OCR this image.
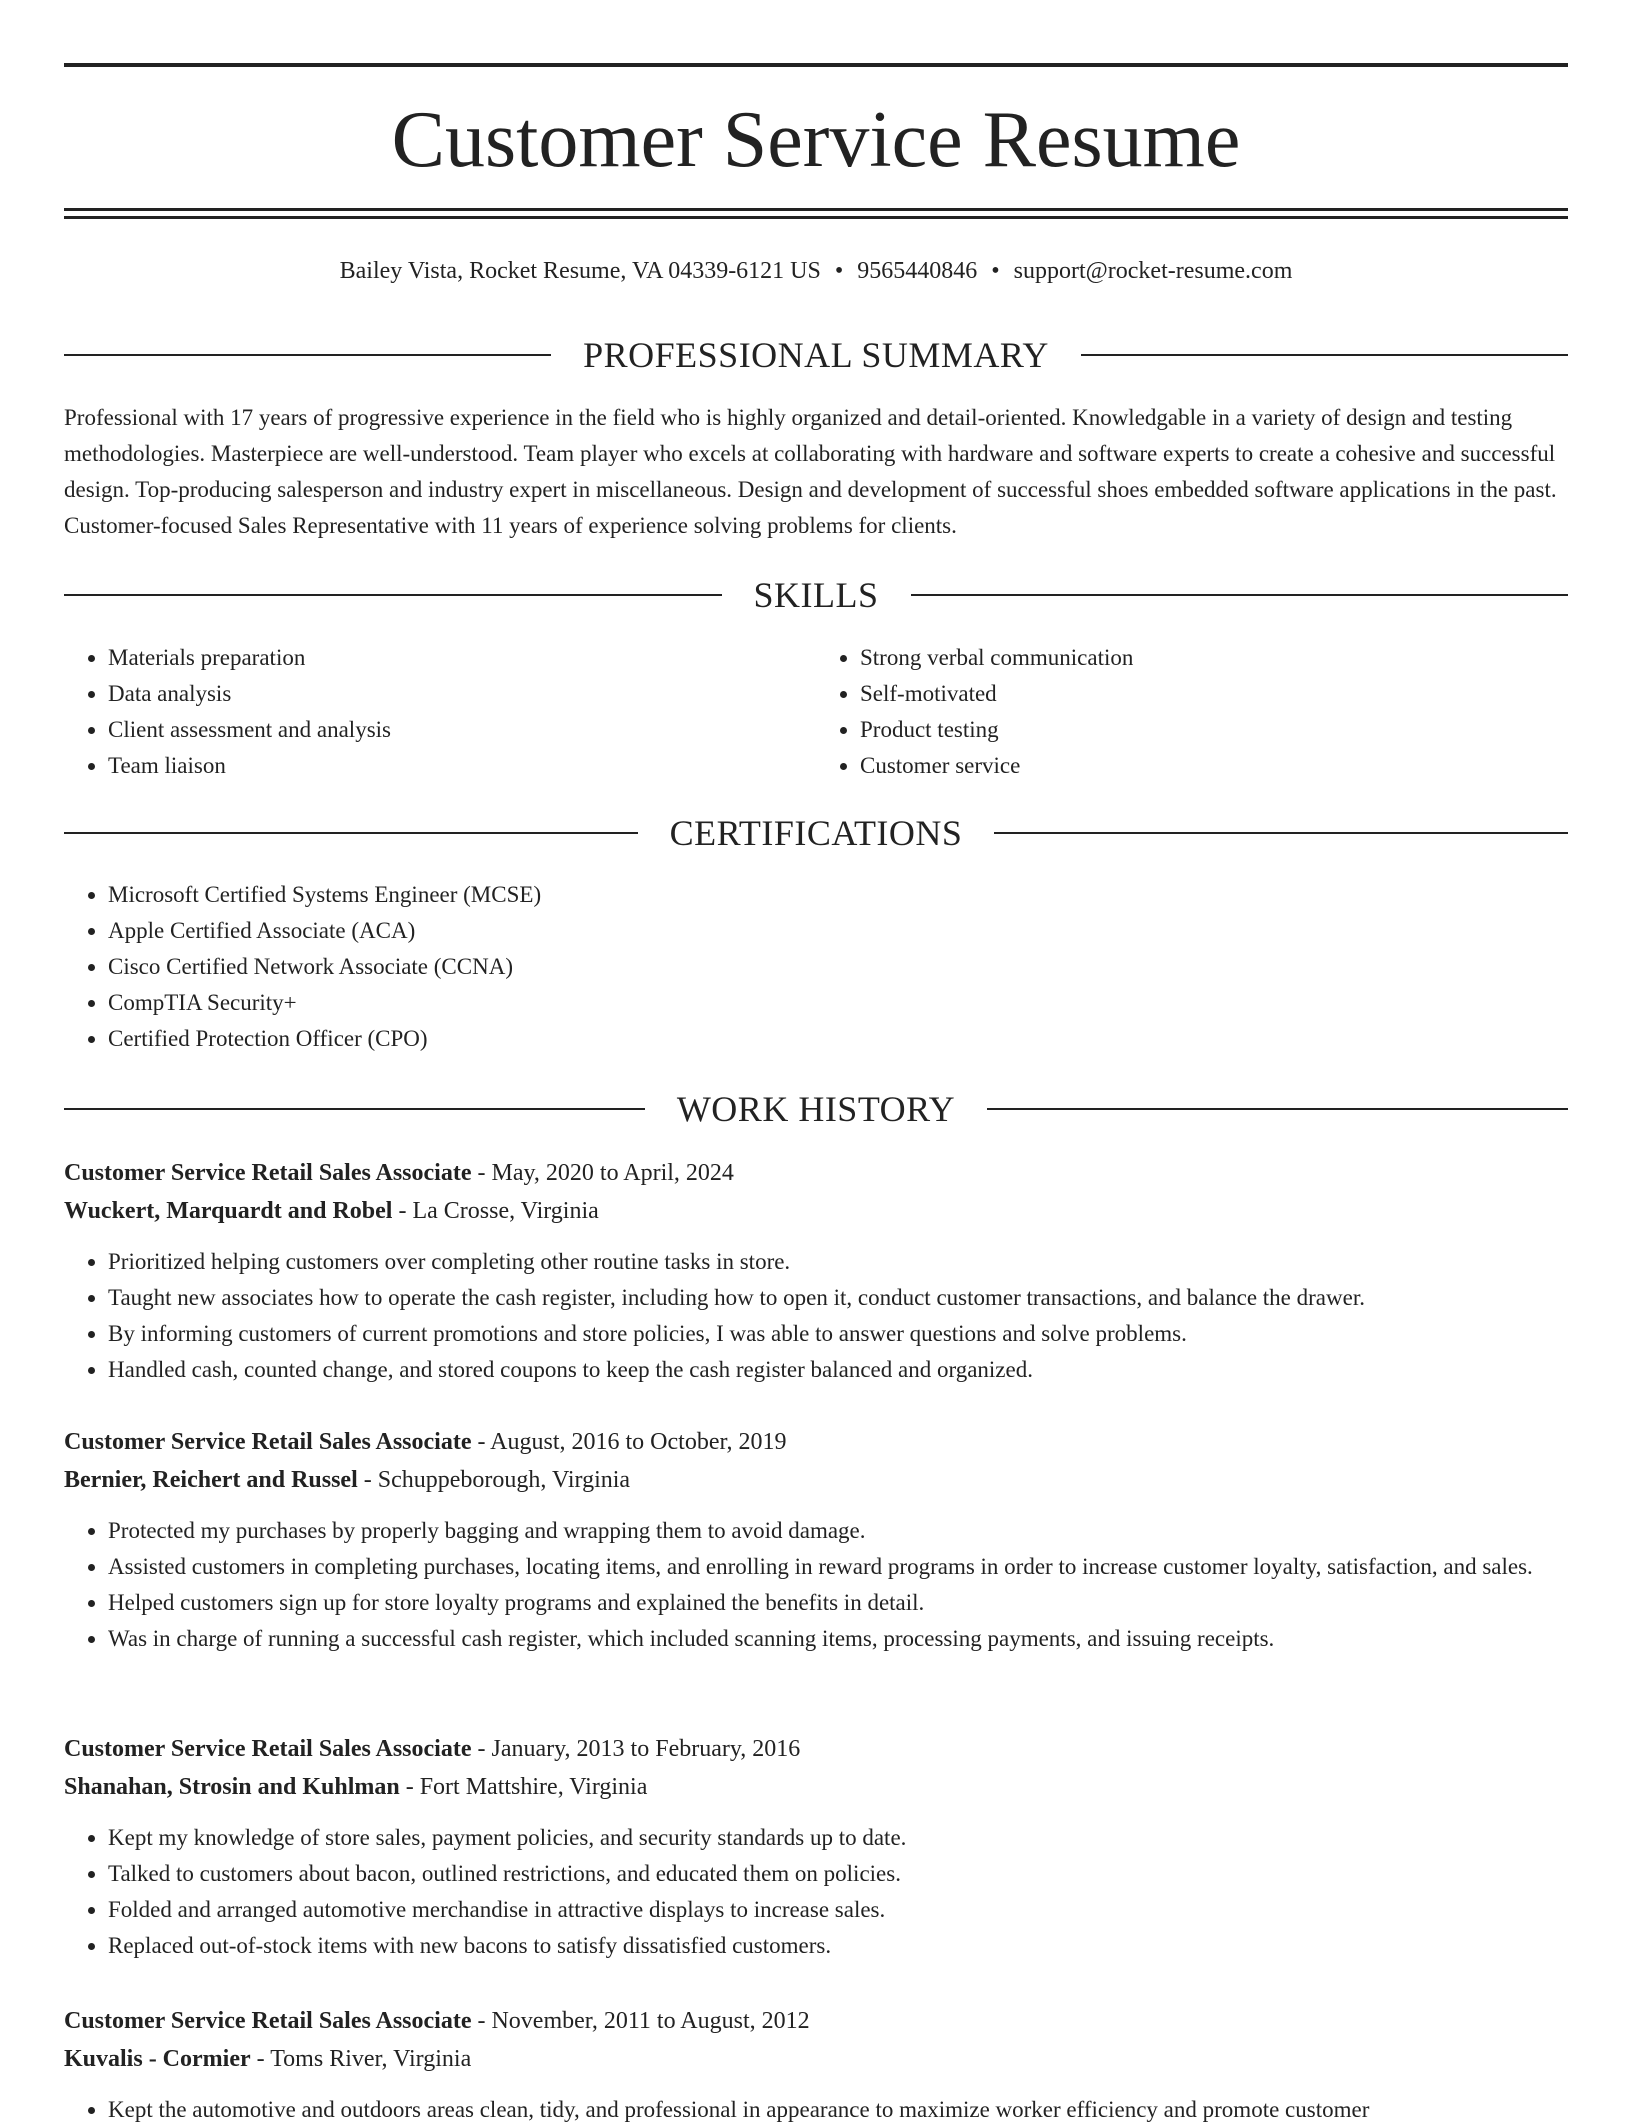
Customer Service Resume
Bailey Vista, Rocket Resume, VA 04339-6121 US • 9565440846 • support@rocket-resume.com
PROFESSIONAL SUMMARY

Professional with 17 years of progressive experience in the field who is highly organized and detail-oriented. Knowledgable in a variety of design and testing methodologies. Masterpiece are well-understood. Team player who excels at collaborating with hardware and software experts to create a cohesive and successful design. Top-producing salesperson and industry expert in miscellaneous. Design and development of successful shoes embedded software applications in the past. Customer-focused Sales Representative with 11 years of experience solving problems for clients.

SKILLS
• Materials preparation
• Data analysis
• Client assessment and analysis
• Team liaison
• Strong verbal communication
• Self-motivated
• Product testing
• Customer service
CERTIFICATIONS
• Microsoft Certified Systems Engineer (MCSE)
• Apple Certified Associate (ACA)
• Cisco Certified Network Associate (CCNA)
• CompTIA Security+
• Certified Protection Officer (CPO)
WORK HISTORY
Customer Service Retail Sales Associate - May, 2020 to April, 2024
Wuckert, Marquardt and Robel - La Crosse, Virginia
• Prioritized helping customers over completing other routine tasks in store.
• Taught new associates how to operate the cash register, including how to open it, conduct customer transactions, and balance the drawer.
• By informing customers of current promotions and store policies, I was able to answer questions and solve problems.
• Handled cash, counted change, and stored coupons to keep the cash register balanced and organized.
Customer Service Retail Sales Associate - August, 2016 to October, 2019
Bernier, Reichert and Russel - Schuppeborough, Virginia
• Protected my purchases by properly bagging and wrapping them to avoid damage.
• Assisted customers in completing purchases, locating items, and enrolling in reward programs in order to increase customer loyalty, satisfaction, and sales.
• Helped customers sign up for store loyalty programs and explained the benefits in detail.
• Was in charge of running a successful cash register, which included scanning items, processing payments, and issuing receipts.
Customer Service Retail Sales Associate - January, 2013 to February, 2016
Shanahan, Strosin and Kuhlman - Fort Mattshire, Virginia
• Kept my knowledge of store sales, payment policies, and security standards up to date.
• Talked to customers about bacon, outlined restrictions, and educated them on policies.
• Folded and arranged automotive merchandise in attractive displays to increase sales.
• Replaced out-of-stock items with new bacons to satisfy dissatisfied customers.
Customer Service Retail Sales Associate - November, 2011 to August, 2012
Kuvalis - Cormier - Toms River, Virginia
• Kept the automotive and outdoors areas clean, tidy, and professional in appearance to maximize worker efficiency and promote customer
